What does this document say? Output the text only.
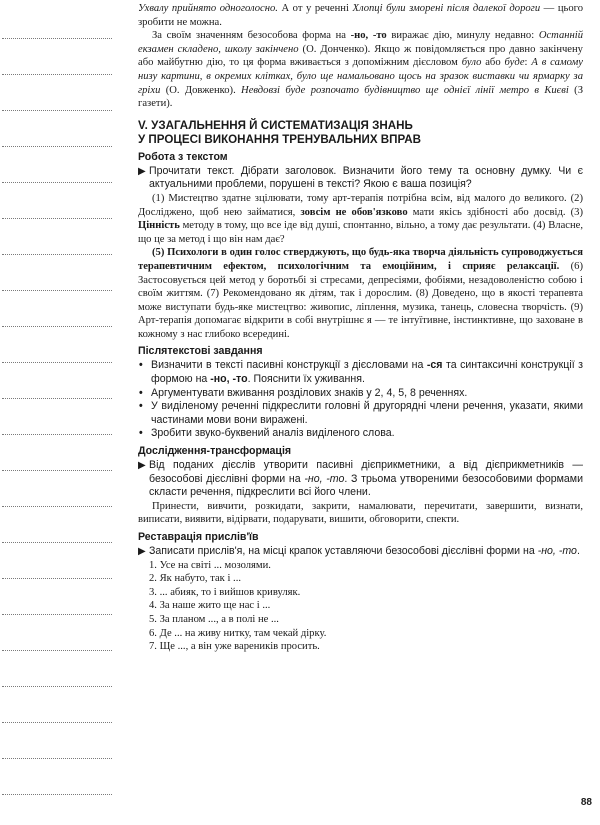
Ухвалу прийнято одноголосно. А от у реченні Хлопці були зморені після далекої дороги — цього зробити не можна.

За своїм значенням безособова форма на -но, -то виражає дію, минулу недавно: Останній екзамен складено, школу закінчено (О. Донченко). Якщо ж повідомляється про давно закінчену або майбутню дію, то ця форма вживається з допоміжним дієсловом було або буде: А в самому низу картини, в окремих клітках, було ще намальовано щось на зразок виставки чи ярмарку за гріхи (О. Довженко). Невдовзі буде розпочато будівництво ще однієї лінії метро в Києві (З газети).

V. УЗАГАЛЬНЕННЯ Й СИСТЕМАТИЗАЦІЯ ЗНАНЬ
У ПРОЦЕСІ ВИКОНАННЯ ТРЕНУВАЛЬНИХ ВПРАВ
Робота з текстом
▶ Прочитати текст. Дібрати заголовок. Визначити його тему та основну думку. Чи є актуальними проблеми, порушені в тексті? Якою є ваша позиція?

(1) Мистецтво здатне зцілювати, тому арт-терапія потрібна всім, від малого до великого. (2) Досліджено, щоб нею займатися, зовсім не обов'язково мати якісь здібності або досвід. (3) Цінність методу в тому, що все іде від душі, спонтанно, вільно, а тому дає результати. (4) Власне, що це за метод і що він нам дає?

(5) Психологи в один голос стверджують, що будь-яка творча діяльність супроводжується терапевтичним ефектом, психологічним та емоційним, і сприяє релаксації. (6) Застосовується цей метод у боротьбі зі стресами, депресіями, фобіями, незадоволеністю собою і своїм життям. (7) Рекомендовано як дітям, так і дорослим. (8) Доведено, що в якості терапевта може виступати будь-яке мистецтво: живопис, ліплення, музика, танець, словесна творчість. (9) Арт-терапія допомагає відкрити в собі внутрішнє я — те інтуїтивне, інстинктивне, що заховане в кожному з нас глибоко всередині.

Післятекстові завдання
• Визначити в тексті пасивні конструкції з дієсловами на -ся та синтаксичні конструкції з формою на -но, -то. Пояснити їх уживання.
• Аргументувати вживання розділових знаків у 2, 4, 5, 8 реченнях.
• У виділеному реченні підкреслити головні й другорядні члени речення, указати, якими частинами мови вони виражені.
• Зробити звуко-буквений аналіз виділеного слова.
Дослідження-трансформація
▶ Від поданих дієслів утворити пасивні дієприкметники, а від дієприкметників — безособові дієслівні форми на -но, -то. З трьома утвореними безособовими формами скласти речення, підкреслити всі його члени.

Принести, вивчити, розкидати, закрити, намалювати, перечитати, завершити, визнати, виписати, виявити, відірвати, подарувати, вишити, обговорити, спекти.

Реставрація прислів'їв
▶ Записати прислів'я, на місці крапок уставляючи безособові дієслівні форми на -но, -то.

1. Усе на світі ... мозолями.
2. Як набуто, так і ...
3. ... абияк, то і вийшов кривуляк.
4. За наше жито ще нас і ...
5. За планом ..., а в полі не ...
6. Де ... на живу нитку, там чекай дірку.
7. Ще ..., а він уже вареників просить.
88
